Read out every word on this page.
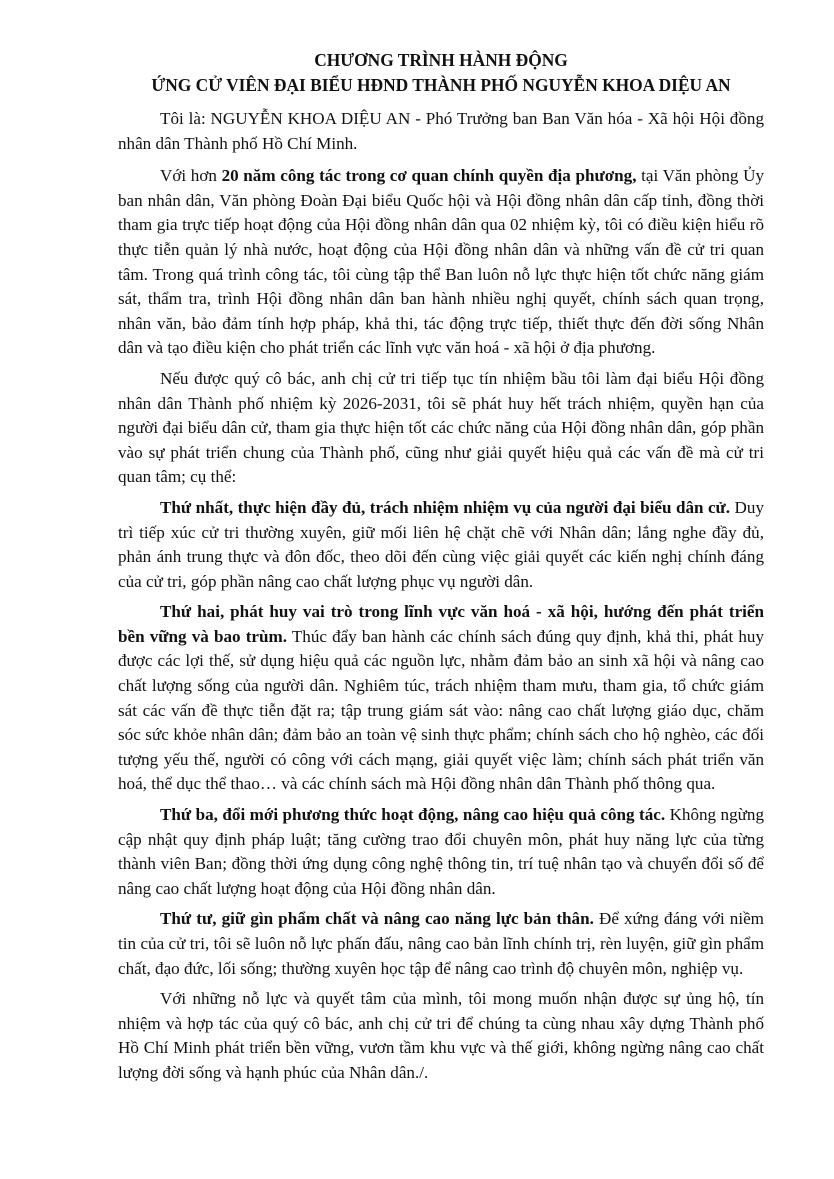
CHƯƠNG TRÌNH HÀNH ĐỘNG
ỨNG CỬ VIÊN ĐẠI BIỂU HĐND THÀNH PHỐ NGUYỄN KHOA DIỆU AN

Tôi là: NGUYỄN KHOA DIỆU AN - Phó Trưởng ban Ban Văn hóa - Xã hội Hội đồng nhân dân Thành phố Hồ Chí Minh.

Với hơn 20 năm công tác trong cơ quan chính quyền địa phương, tại Văn phòng Ủy ban nhân dân, Văn phòng Đoàn Đại biểu Quốc hội và Hội đồng nhân dân cấp tỉnh, đồng thời tham gia trực tiếp hoạt động của Hội đồng nhân dân qua 02 nhiệm kỳ, tôi có điều kiện hiểu rõ thực tiễn quản lý nhà nước, hoạt động của Hội đồng nhân dân và những vấn đề cử tri quan tâm. Trong quá trình công tác, tôi cùng tập thể Ban luôn nỗ lực thực hiện tốt chức năng giám sát, thẩm tra, trình Hội đồng nhân dân ban hành nhiều nghị quyết, chính sách quan trọng, nhân văn, bảo đảm tính hợp pháp, khả thi, tác động trực tiếp, thiết thực đến đời sống Nhân dân và tạo điều kiện cho phát triển các lĩnh vực văn hoá - xã hội ở địa phương.

Nếu được quý cô bác, anh chị cử tri tiếp tục tín nhiệm bầu tôi làm đại biểu Hội đồng nhân dân Thành phố nhiệm kỳ 2026-2031, tôi sẽ phát huy hết trách nhiệm, quyền hạn của người đại biểu dân cử, tham gia thực hiện tốt các chức năng của Hội đồng nhân dân, góp phần vào sự phát triển chung của Thành phố, cũng như giải quyết hiệu quả các vấn đề mà cử tri quan tâm; cụ thể:

Thứ nhất, thực hiện đầy đủ, trách nhiệm nhiệm vụ của người đại biểu dân cử. Duy trì tiếp xúc cử tri thường xuyên, giữ mối liên hệ chặt chẽ với Nhân dân; lắng nghe đầy đủ, phản ánh trung thực và đôn đốc, theo dõi đến cùng việc giải quyết các kiến nghị chính đáng của cử tri, góp phần nâng cao chất lượng phục vụ người dân.

Thứ hai, phát huy vai trò trong lĩnh vực văn hoá - xã hội, hướng đến phát triển bền vững và bao trùm. Thúc đẩy ban hành các chính sách đúng quy định, khả thi, phát huy được các lợi thế, sử dụng hiệu quả các nguồn lực, nhằm đảm bảo an sinh xã hội và nâng cao chất lượng sống của người dân. Nghiêm túc, trách nhiệm tham mưu, tham gia, tổ chức giám sát các vấn đề thực tiễn đặt ra; tập trung giám sát vào: nâng cao chất lượng giáo dục, chăm sóc sức khỏe nhân dân; đảm bảo an toàn vệ sinh thực phẩm; chính sách cho hộ nghèo, các đối tượng yếu thế, người có công với cách mạng, giải quyết việc làm; chính sách phát triển văn hoá, thể dục thể thao… và các chính sách mà Hội đồng nhân dân Thành phố thông qua.

Thứ ba, đổi mới phương thức hoạt động, nâng cao hiệu quả công tác. Không ngừng cập nhật quy định pháp luật; tăng cường trao đổi chuyên môn, phát huy năng lực của từng thành viên Ban; đồng thời ứng dụng công nghệ thông tin, trí tuệ nhân tạo và chuyển đổi số để nâng cao chất lượng hoạt động của Hội đồng nhân dân.

Thứ tư, giữ gìn phẩm chất và nâng cao năng lực bản thân. Để xứng đáng với niềm tin của cử tri, tôi sẽ luôn nỗ lực phấn đấu, nâng cao bản lĩnh chính trị, rèn luyện, giữ gìn phẩm chất, đạo đức, lối sống; thường xuyên học tập để nâng cao trình độ chuyên môn, nghiệp vụ.

Với những nỗ lực và quyết tâm của mình, tôi mong muốn nhận được sự ủng hộ, tín nhiệm và hợp tác của quý cô bác, anh chị cử tri để chúng ta cùng nhau xây dựng Thành phố Hồ Chí Minh phát triển bền vững, vươn tầm khu vực và thế giới, không ngừng nâng cao chất lượng đời sống và hạnh phúc của Nhân dân./.
